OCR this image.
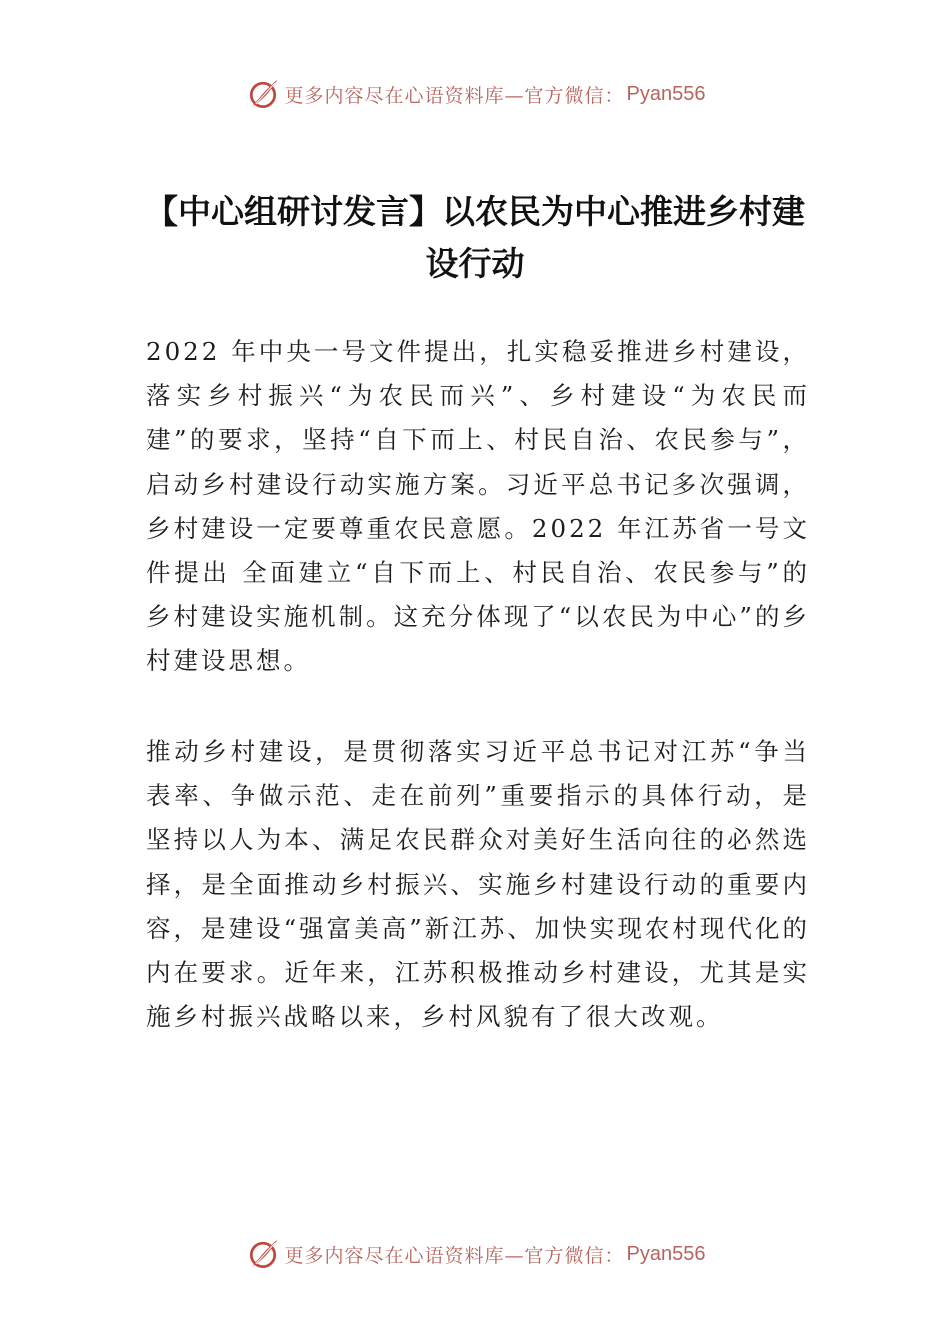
更多内容尽在心语资料库—官方微信： Pyan556
【中心组研讨发言】以农民为中心推进乡村建设行动

2022 年中央一号文件提出，扎实稳妥推进乡村建设，落实乡村振兴“为农民而兴”、乡村建设“为农民而建”的要求，坚持“自下而上、村民自治、农民参与”，启动乡村建设行动实施方案。习近平总书记多次强调，乡村建设一定要尊重农民意愿。2022 年江苏省一号文件提出 全面建立“自下而上、村民自治、农民参与”的乡村建设实施机制。这充分体现了“以农民为中心”的乡村建设思想。

推动乡村建设，是贯彻落实习近平总书记对江苏“争当表率、争做示范、走在前列”重要指示的具体行动，是坚持以人为本、满足农民群众对美好生活向往的必然选择，是全面推动乡村振兴、实施乡村建设行动的重要内容，是建设“强富美高”新江苏、加快实现农村现代化的内在要求。近年来，江苏积极推动乡村建设，尤其是实施乡村振兴战略以来，乡村风貌有了很大改观。

更多内容尽在心语资料库—官方微信： Pyan556
